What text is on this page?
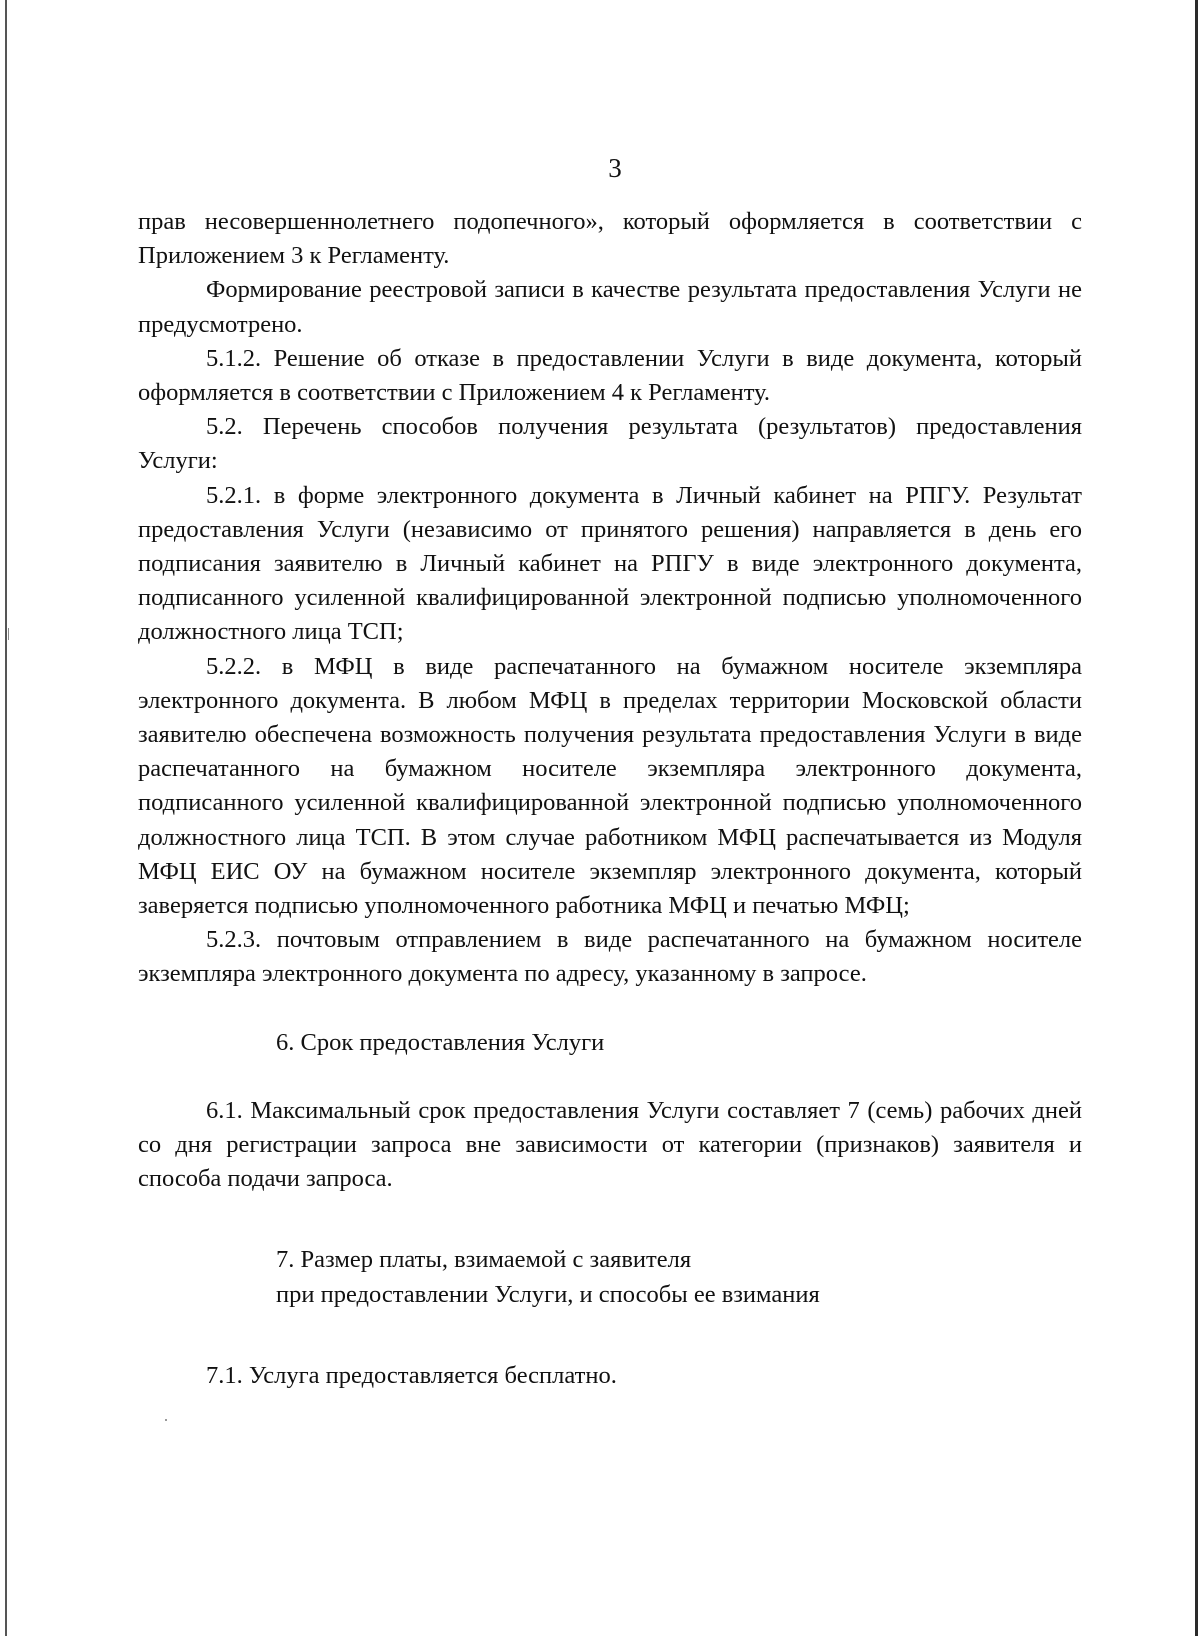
3

прав несовершеннолетнего подопечного», который оформляется в соответствии с Приложением 3 к Регламенту.

Формирование реестровой записи в качестве результата предоставления Услуги не предусмотрено.

5.1.2. Решение об отказе в предоставлении Услуги в виде документа, который оформляется в соответствии с Приложением 4 к Регламенту.

5.2. Перечень способов получения результата (результатов) предоставления Услуги:

5.2.1. в форме электронного документа в Личный кабинет на РПГУ. Результат предоставления Услуги (независимо от принятого решения) направляется в день его подписания заявителю в Личный кабинет на РПГУ в виде электронного документа, подписанного усиленной квалифицированной электронной подписью уполномоченного должностного лица ТСП;

5.2.2. в МФЦ в виде распечатанного на бумажном носителе экземпляра электронного документа. В любом МФЦ в пределах территории Московской области заявителю обеспечена возможность получения результата предоставления Услуги в виде распечатанного на бумажном носителе экземпляра электронного документа, подписанного усиленной квалифицированной электронной подписью уполномоченного должностного лица ТСП. В этом случае работником МФЦ распечатывается из Модуля МФЦ ЕИС ОУ на бумажном носителе экземпляр электронного документа, который заверяется подписью уполномоченного работника МФЦ и печатью МФЦ;

5.2.3. почтовым отправлением в виде распечатанного на бумажном носителе экземпляра электронного документа по адресу, указанному в запросе.

6. Срок предоставления Услуги

6.1. Максимальный срок предоставления Услуги составляет 7 (семь) рабочих дней со дня регистрации запроса вне зависимости от категории (признаков) заявителя и способа подачи запроса.

7. Размер платы, взимаемой с заявителя

при предоставлении Услуги, и способы ее взимания

7.1. Услуга предоставляется бесплатно.
